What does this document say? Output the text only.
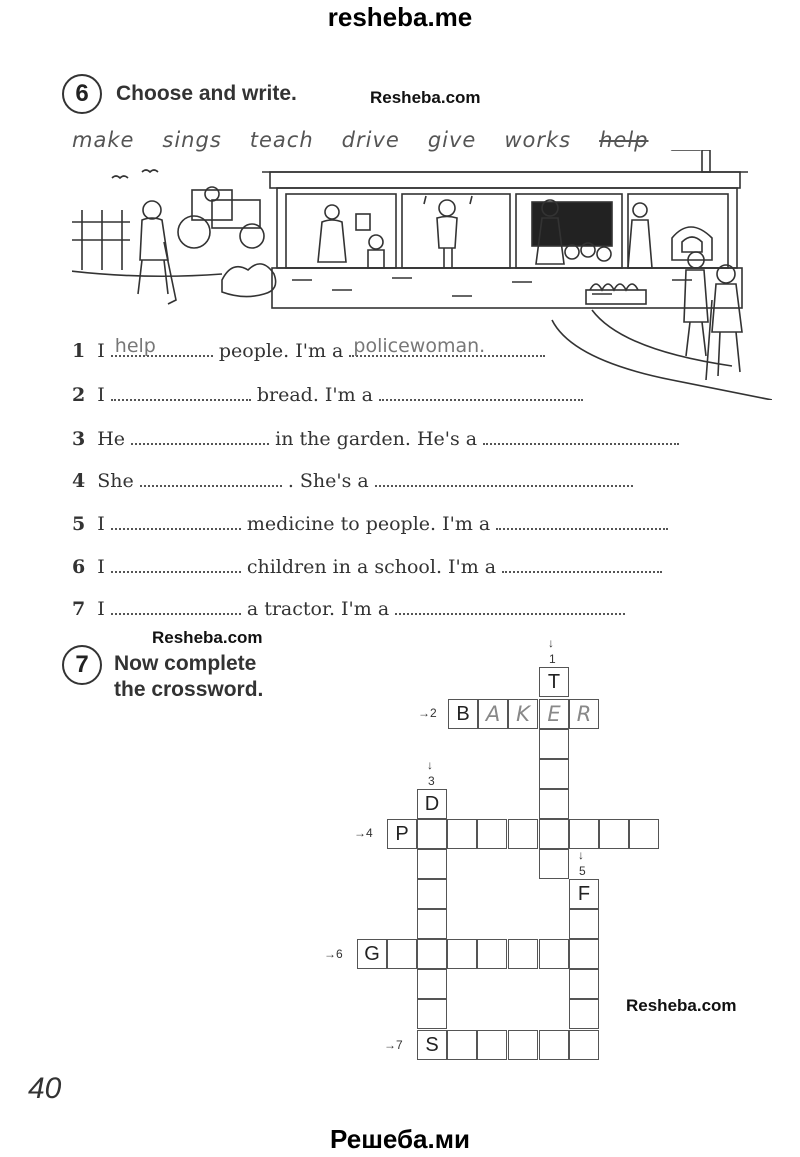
resheba.me
6	Choose and write.	Resheba.com
make sings teach drive give works help
1 I help	people. I'm a policewoman.
2 I	bread. I'm a
3 He	in the garden. He's a
4 She	. She's a
5 I	medicine to people. I'm a
6 I	children in a school. I'm a
7 I	a tractor. I'm a
Resheba.com
7	Now complete
the crossword.
↓
1
T
→2 B A K E R
↓
3
D
→4	P
↓
5
F
→6	G
→7	S
Resheba.com
40
Решеба.ми
